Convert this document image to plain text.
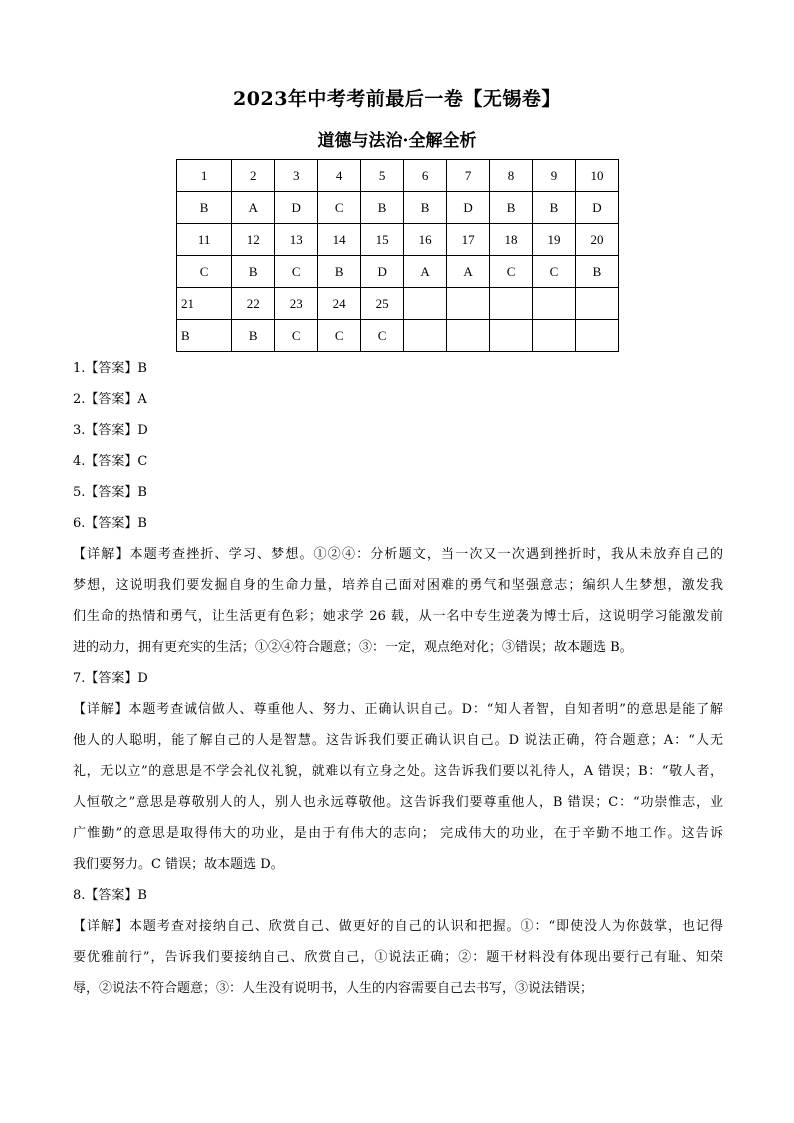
2023年中考考前最后一卷【无锡卷】
道德与法治·全解全析
1	2	3	4	5	6	7	8	9	10
B	A	D	C	B	B	D	B	B	D
11	12	13	14	15	16	17	18	19	20
C	B	C	B	D	A	A	C	C	B
21	22	23	24	25					
B	B	C	C	C					
1.【答案】B
2.【答案】A
3.【答案】D
4.【答案】C
5.【答案】B
6.【答案】B
【详解】本题考查挫折、学习、梦想。①②④：分析题文，当一次又一次遇到挫折时，我从未放弃自己的
梦想，这说明我们要发掘自身的生命力量，培养自己面对困难的勇气和坚强意志；编织人生梦想，激发我
们生命的热情和勇气，让生活更有色彩；她求学 26 载，从一名中专生逆袭为博士后，这说明学习能激发前
进的动力，拥有更充实的生活；①②④符合题意；③：一定，观点绝对化；③错误；故本题选 B。
7.【答案】D
【详解】本题考查诚信做人、尊重他人、努力、正确认识自己。D：“知人者智，自知者明”的意思是能了解
他人的人聪明，能了解自己的人是智慧。这告诉我们要正确认识自己。D 说法正确，符合题意；A：“人无
礼，无以立”的意思是不学会礼仪礼貌，就难以有立身之处。这告诉我们要以礼待人，A 错误；B：“敬人者，
人恒敬之”意思是尊敬别人的人，别人也永远尊敬他。这告诉我们要尊重他人，B 错误；C：“功崇惟志，业
广惟勤”的意思是取得伟大的功业，是由于有伟大的志向； 完成伟大的功业，在于辛勤不地工作。这告诉
我们要努力。C 错误；故本题选 D。
8.【答案】B
【详解】本题考查对接纳自己、欣赏自己、做更好的自己的认识和把握。①：“即使没人为你鼓掌，也记得
要优雅前行”，告诉我们要接纳自己、欣赏自己，①说法正确；②：题干材料没有体现出要行己有耻、知荣
辱，②说法不符合题意；③：人生没有说明书，人生的内容需要自己去书写，③说法错误；
